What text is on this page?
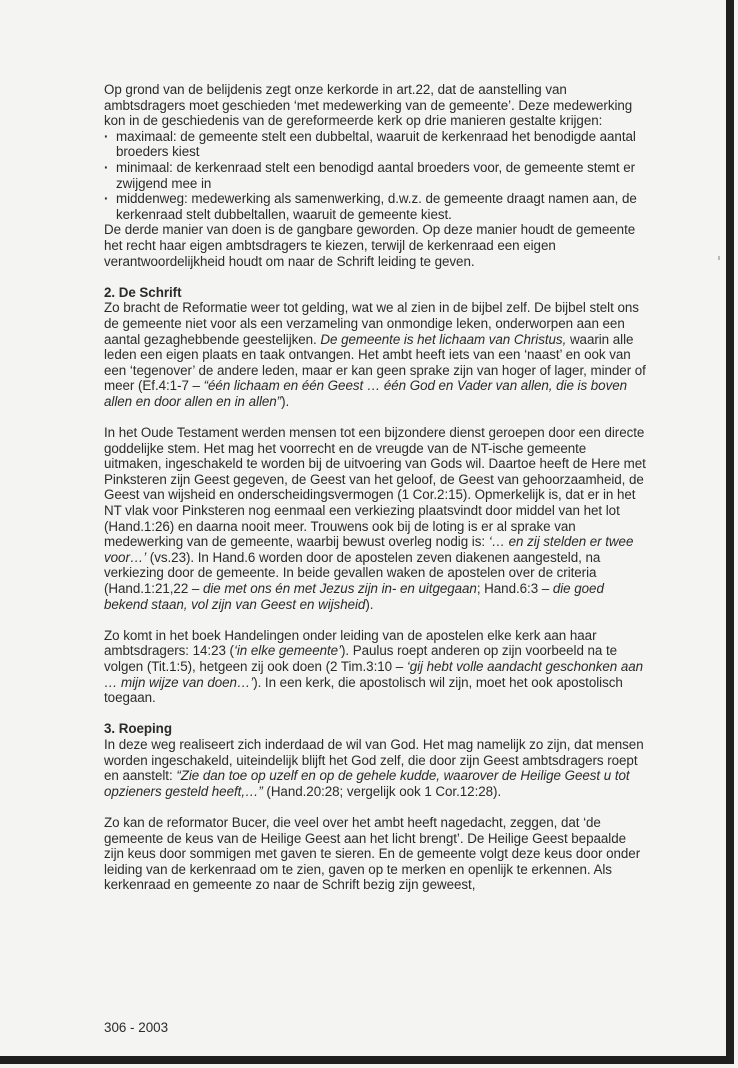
Op grond van de belijdenis zegt onze kerkorde in art.22, dat de aanstelling van ambtsdragers moet geschieden ‘met medewerking van de gemeente’. Deze medewerking kon in de geschiedenis van de gereformeerde kerk op drie manieren gestalte krijgen:

· maximaal: de gemeente stelt een dubbeltal, waaruit de kerkenraad het benodigde aantal broeders kiest
· minimaal: de kerkenraad stelt een benodigd aantal broeders voor, de gemeente stemt er zwijgend mee in
· middenweg: medewerking als samenwerking, d.w.z. de gemeente draagt namen aan, de kerkenraad stelt dubbeltallen, waaruit de gemeente kiest.

De derde manier van doen is de gangbare geworden. Op deze manier houdt de gemeente het recht haar eigen ambtsdragers te kiezen, terwijl de kerkenraad een eigen verantwoordelijkheid houdt om naar de Schrift leiding te geven.

2. De Schrift

Zo bracht de Reformatie weer tot gelding, wat we al zien in de bijbel zelf. De bijbel stelt ons de gemeente niet voor als een verzameling van onmondige leken, onderworpen aan een aantal gezaghebbende geestelijken. De gemeente is het lichaam van Christus, waarin alle leden een eigen plaats en taak ontvangen. Het ambt heeft iets van een ‘naast’ en ook van een ‘tegenover’ de andere leden, maar er kan geen sprake zijn van hoger of lager, minder of meer (Ef.4:1-7 – “één lichaam en één Geest … één God en Vader van allen, die is boven allen en door allen en in allen”).

In het Oude Testament werden mensen tot een bijzondere dienst geroepen door een directe goddelijke stem. Het mag het voorrecht en de vreugde van de NT-ische gemeente uitmaken, ingeschakeld te worden bij de uitvoering van Gods wil. Daartoe heeft de Here met Pinksteren zijn Geest gegeven, de Geest van het geloof, de Geest van gehoorzaamheid, de Geest van wijsheid en onderscheidingsvermogen (1 Cor.2:15). Opmerkelijk is, dat er in het NT vlak voor Pinksteren nog eenmaal een verkiezing plaatsvindt door middel van het lot (Hand.1:26) en daarna nooit meer. Trouwens ook bij de loting is er al sprake van medewerking van de gemeente, waarbij bewust overleg nodig is: ‘… en zij stelden er twee voor…’ (vs.23). In Hand.6 worden door de apostelen zeven diakenen aangesteld, na verkiezing door de gemeente. In beide gevallen waken de apostelen over de criteria (Hand.1:21,22 – die met ons én met Jezus zijn in- en uitgegaan; Hand.6:3 – die goed bekend staan, vol zijn van Geest en wijsheid).

Zo komt in het boek Handelingen onder leiding van de apostelen elke kerk aan haar ambtsdragers: 14:23 (‘in elke gemeente’). Paulus roept anderen op zijn voorbeeld na te volgen (Tit.1:5), hetgeen zij ook doen (2 Tim.3:10 – ‘gij hebt volle aandacht geschonken aan … mijn wijze van doen…’). In een kerk, die apostolisch wil zijn, moet het ook apostolisch toegaan.

3. Roeping

In deze weg realiseert zich inderdaad de wil van God. Het mag namelijk zo zijn, dat mensen worden ingeschakeld, uiteindelijk blijft het God zelf, die door zijn Geest ambtsdragers roept en aanstelt: “Zie dan toe op uzelf en op de gehele kudde, waarover de Heilige Geest u tot opzieners gesteld heeft,…” (Hand.20:28; vergelijk ook 1 Cor.12:28).

Zo kan de reformator Bucer, die veel over het ambt heeft nagedacht, zeggen, dat ‘de gemeente de keus van de Heilige Geest aan het licht brengt’. De Heilige Geest bepaalde zijn keus door sommigen met gaven te sieren. En de gemeente volgt deze keus door onder leiding van de kerkenraad om te zien, gaven op te merken en openlijk te erkennen. Als kerkenraad en gemeente zo naar de Schrift bezig zijn geweest,

306 - 2003
